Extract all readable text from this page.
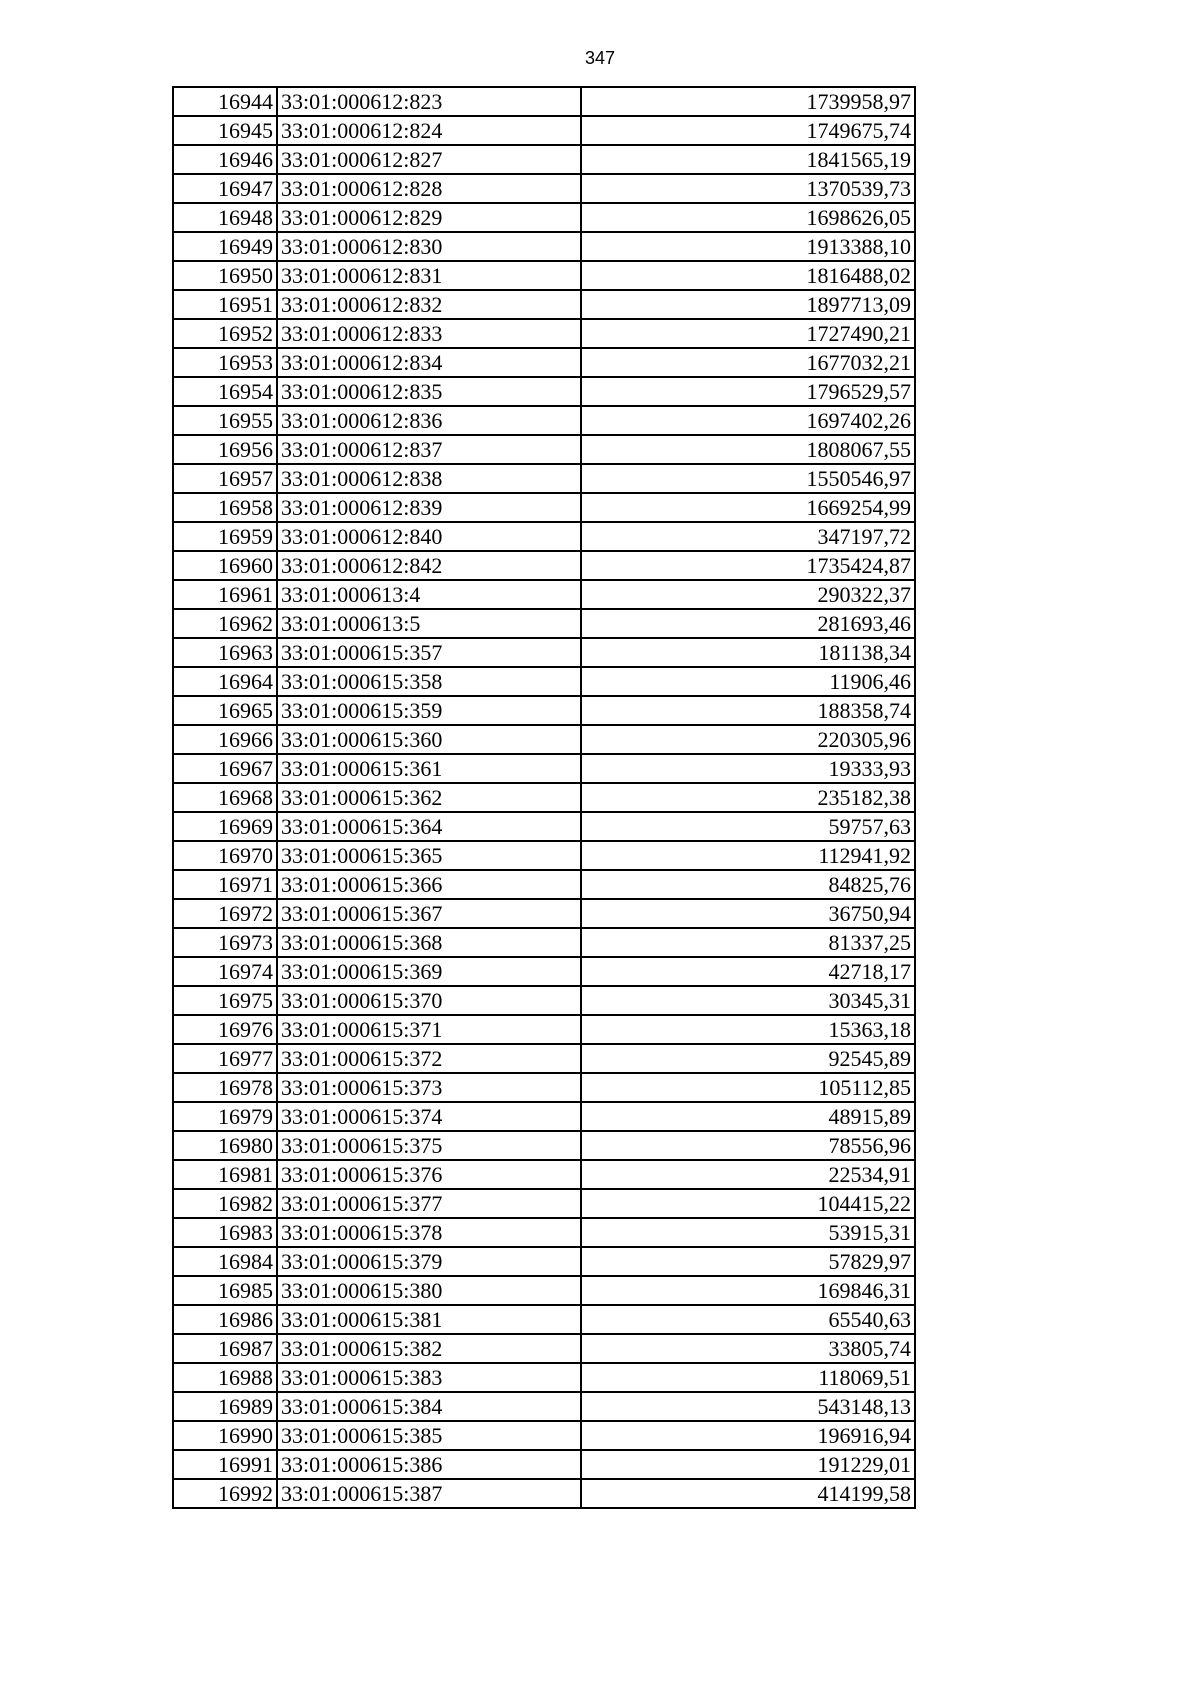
347
16944	33:01:000612:823	1739958,97
16945	33:01:000612:824	1749675,74
16946	33:01:000612:827	1841565,19
16947	33:01:000612:828	1370539,73
16948	33:01:000612:829	1698626,05
16949	33:01:000612:830	1913388,10
16950	33:01:000612:831	1816488,02
16951	33:01:000612:832	1897713,09
16952	33:01:000612:833	1727490,21
16953	33:01:000612:834	1677032,21
16954	33:01:000612:835	1796529,57
16955	33:01:000612:836	1697402,26
16956	33:01:000612:837	1808067,55
16957	33:01:000612:838	1550546,97
16958	33:01:000612:839	1669254,99
16959	33:01:000612:840	347197,72
16960	33:01:000612:842	1735424,87
16961	33:01:000613:4	290322,37
16962	33:01:000613:5	281693,46
16963	33:01:000615:357	181138,34
16964	33:01:000615:358	11906,46
16965	33:01:000615:359	188358,74
16966	33:01:000615:360	220305,96
16967	33:01:000615:361	19333,93
16968	33:01:000615:362	235182,38
16969	33:01:000615:364	59757,63
16970	33:01:000615:365	112941,92
16971	33:01:000615:366	84825,76
16972	33:01:000615:367	36750,94
16973	33:01:000615:368	81337,25
16974	33:01:000615:369	42718,17
16975	33:01:000615:370	30345,31
16976	33:01:000615:371	15363,18
16977	33:01:000615:372	92545,89
16978	33:01:000615:373	105112,85
16979	33:01:000615:374	48915,89
16980	33:01:000615:375	78556,96
16981	33:01:000615:376	22534,91
16982	33:01:000615:377	104415,22
16983	33:01:000615:378	53915,31
16984	33:01:000615:379	57829,97
16985	33:01:000615:380	169846,31
16986	33:01:000615:381	65540,63
16987	33:01:000615:382	33805,74
16988	33:01:000615:383	118069,51
16989	33:01:000615:384	543148,13
16990	33:01:000615:385	196916,94
16991	33:01:000615:386	191229,01
16992	33:01:000615:387	414199,58
